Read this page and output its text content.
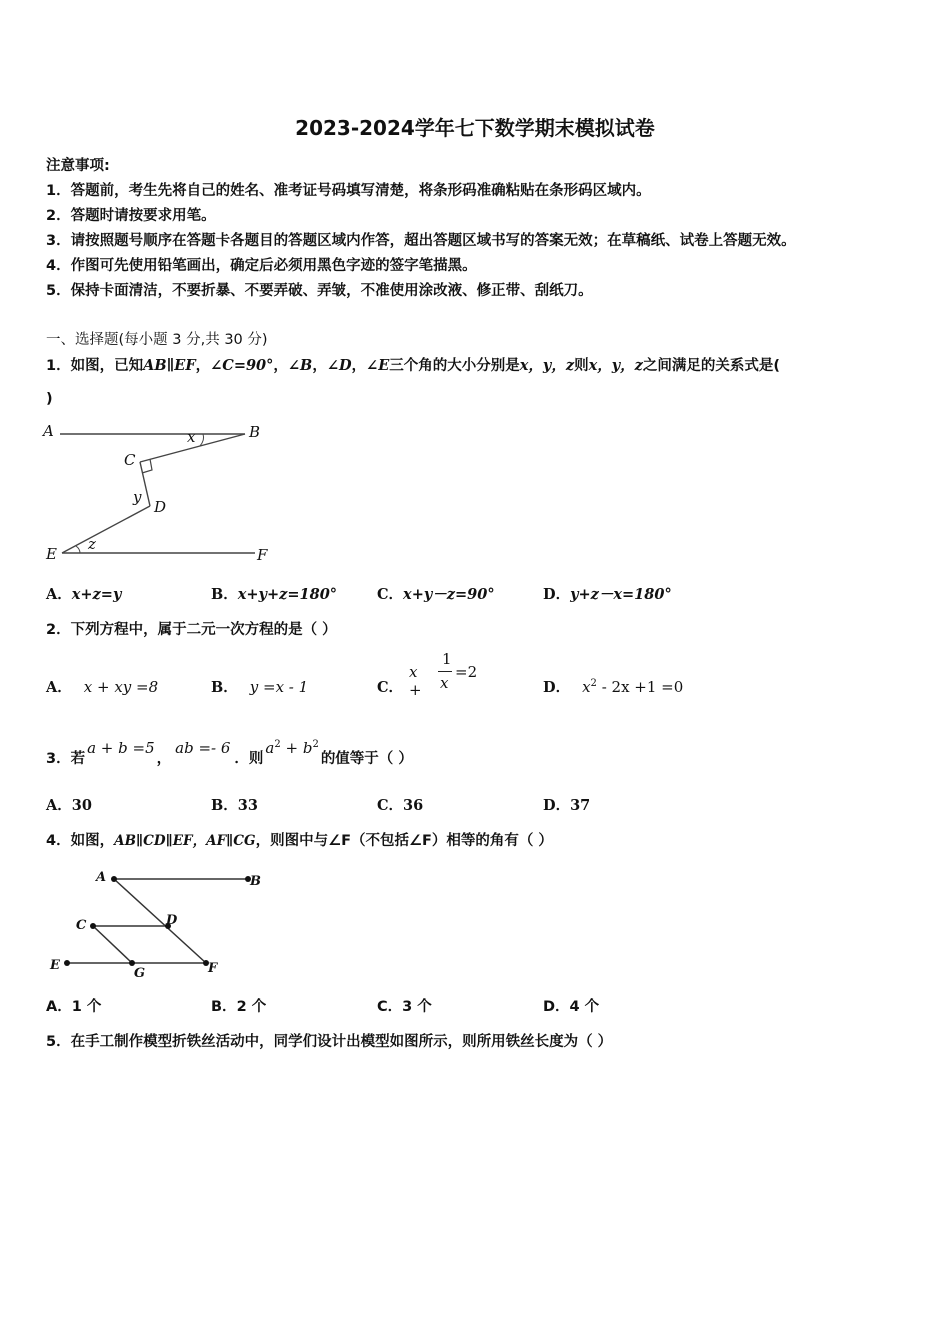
2023-2024学年七下数学期末模拟试卷
注意事项:
1．答题前，考生先将自己的姓名、准考证号码填写清楚，将条形码准确粘贴在条形码区域内。
2．答题时请按要求用笔。
3．请按照题号顺序在答题卡各题目的答题区域内作答，超出答题区域书写的答案无效；在草稿纸、试卷上答题无效。
4．作图可先使用铅笔画出，确定后必须用黑色字迹的签字笔描黑。
5．保持卡面清洁，不要折暴、不要弄破、弄皱，不准使用涂改液、修正带、刮纸刀。
一、选择题(每小题 3 分,共 30 分)
1．如图，已知AB∥EF，∠C=90°，∠B，∠D，∠E三个角的大小分别是x，y，z则x，y，z之间满足的关系式是(
)
A	B
C
D
E	F
x
y
z
A．x+z=y	B．x+y+z=180°	C．x+y－z=90°	D．y+z－x=180°
2．下列方程中，属于二元一次方程的是（ ）
A． x + xy =8	B． y =x - 1	C．
x +
1
x
=2
D． $x^2 - 2x +1 =0$
3．若a + b =5，ab =- 6．则$a^2 + b^2$的值等于（ ）
A．30	B．33	C．36	D．37
4．如图，AB∥CD∥EF，AF∥CG，则图中与∠F（不包括∠F）相等的角有（ ）
A	B
C	D
E
G	F
A．1 个	B．2 个	C．3 个	D．4 个
5．在手工制作模型折铁丝活动中，同学们设计出模型如图所示，则所用铁丝长度为（ ）
